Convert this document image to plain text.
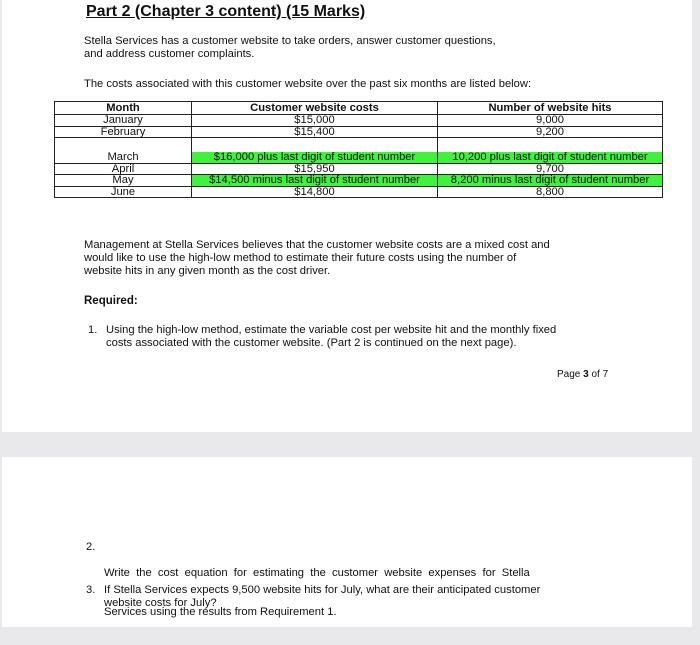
Part 2 (Chapter 3 content) (15 Marks)
Stella Services has a customer website to take orders, answer customer questions,
and address customer complaints.
The costs associated with this customer website over the past six months are listed below:
Month	Customer website costs	Number of website hits
January	$15,000	9,000
February	$15,400	9,200

March	$16,000 plus last digit of student number	10,200 plus last digit of student number
April	$15,950	9,700
May	$14,500 minus last digit of student number	8,200 minus last digit of student number
June	$14,800	8,800
Management at Stella Services believes that the customer website costs are a mixed cost and
would like to use the high-low method to estimate their future costs using the number of
website hits in any given month as the cost driver.
Required:
1. Using the high-low method, estimate the variable cost per website hit and the monthly fixed
costs associated with the customer website. (Part 2 is continued on the next page).
Page 3 of 7
2.

Write  the  cost  equation  for  estimating  the  customer  website  expenses  for  Stella

Services using the results from Requirement 1.

3. If Stella Services expects 9,500 website hits for July, what are their anticipated customer
website costs for July?
